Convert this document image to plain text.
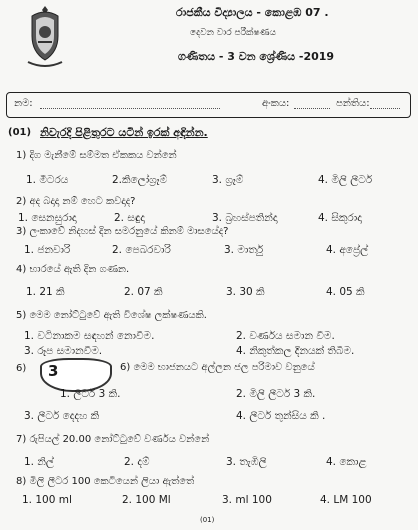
රාජකීය විද්‍යාලය - කොළඹ 07 .
දෙවන වාර පරීක්ෂණය
ගණිතය - 3 වන ශ්‍රේණිය -2019
නම:	අංකය:	පන්තිය:
(01) නිවැරදි පිළිතුරට යටින් ඉරක් අඳින්න.
1) දිග මැනීමේ සම්මත ඒකකය වන්නේ
1. මීටරය	2.කිලෝග්‍රෑම්	3. ග්‍රෑම්	4. මිලි ලීටර්
2) අද බදාදා නම් හෙට කවදාද?
1. සෙනසුරාදා	2. සඳුදා	3. බ්‍රහස්පතින්දා	4. සිකුරාදා
3) ලංකාවේ නිදහස් දින සමරනුයේ කිනම් මාසයේද?
1. ජනවාරි	2. පෙබරවාරි	3. මාර්තු	4. අප්‍රේල්
4) භාරයේ ඇති දින ගණන.
1. 21 කි	2. 07 කි	3. 30 කි	4. 05 කි
5) මෙම නෝට්ටුවේ ඇති විශේෂ ලක්ෂණයකි.
1. වටිනාකම සඳහන් නොවීම.	2. වර්ණය සමාන වීම.
3. රූප සමානවීම.	4. නිකුත්කල දිනයක් තිබීම.
6) 3	6) මෙම භාජනයට අල්ලන ජල පරිමාව වනුයේ
1. ලීටර් 3 කි.	2. මිලි ලීටර් 3 කි.
3. ලීටර් දෙදහ කි	4. ලීටර් තුන්සිය කි .
7) රුපියල් 20.00 නෝට්ටුවේ වර්ණය වන්නේ
1. නිල්	2. දම්	3. තැඹිලි	4. කොළ
8) මිලි ලීටර 100 කෙටියෙන් ලියා ඇත්තේ
1. 100 ml	2. 100 Ml	3. ml 100	4. LM 100
(01)
